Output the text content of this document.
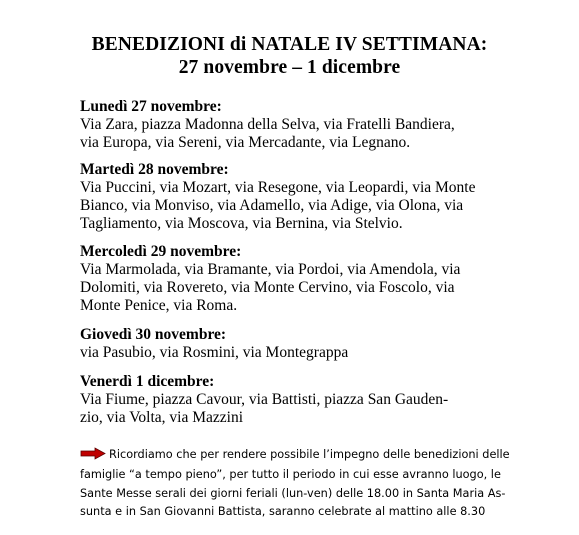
BENEDIZIONI di NATALE IV SETTIMANA:
27 novembre – 1 dicembre
Lunedì 27 novembre:
Via Zara, piazza Madonna della Selva, via Fratelli Bandiera,
via Europa, via Sereni, via Mercadante, via Legnano.
Martedì 28 novembre:
Via Puccini, via Mozart, via Resegone, via Leopardi, via Monte
Bianco, via Monviso, via Adamello, via Adige, via Olona, via
Tagliamento, via Moscova, via Bernina, via Stelvio.
Mercoledì 29 novembre:
Via Marmolada, via Bramante, via Pordoi, via Amendola, via
Dolomiti, via Rovereto, via Monte Cervino, via Foscolo, via
Monte Penice, via Roma.
Giovedì 30 novembre:
via Pasubio, via Rosmini, via Montegrappa
Venerdì 1 dicembre:
Via Fiume, piazza Cavour, via Battisti, piazza San Gauden-
zio, via Volta, via Mazzini
Ricordiamo che per rendere possibile l’impegno delle benedizioni delle
famiglie “a tempo pieno”, per tutto il periodo in cui esse avranno luogo, le
Sante Messe serali dei giorni feriali (lun-ven) delle 18.00 in Santa Maria As-
sunta e in San Giovanni Battista, saranno celebrate al mattino alle 8.30
